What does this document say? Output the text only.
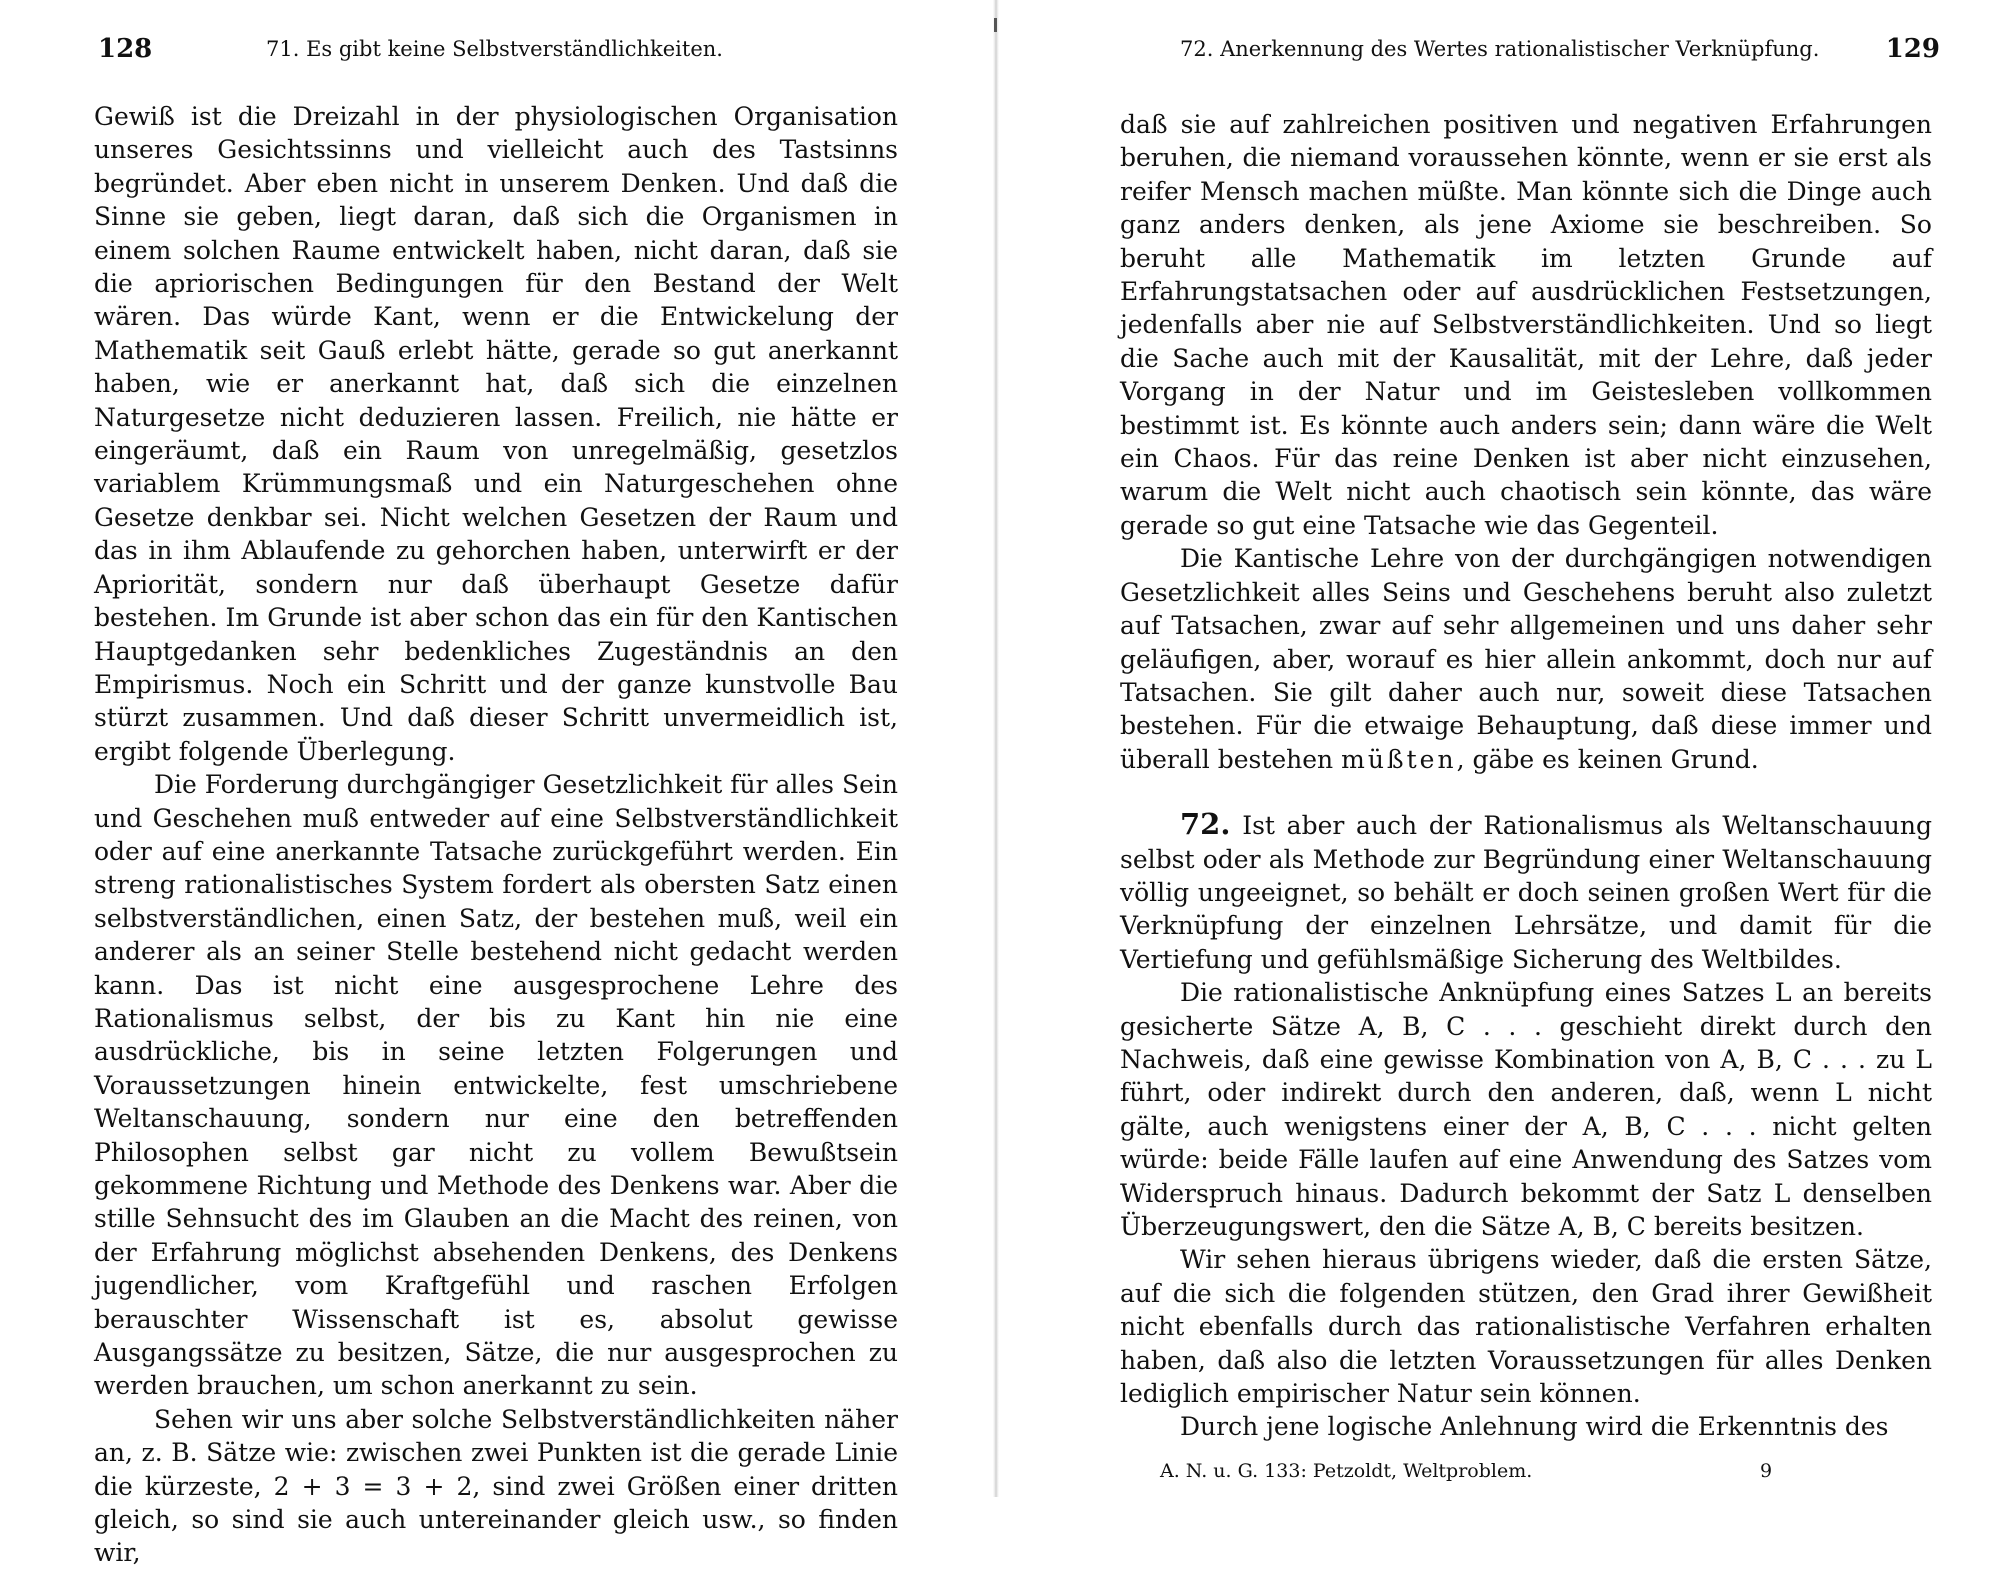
128	71. Es gibt keine Selbstverständlichkeiten.

Gewiß ist die Dreizahl in der physiologischen Organisation unseres Gesichtssinns und vielleicht auch des Tastsinns begründet. Aber eben nicht in unserem Denken. Und daß die Sinne sie geben, liegt daran, daß sich die Organismen in einem solchen Raume entwickelt haben, nicht daran, daß sie die apriorischen Bedingungen für den Bestand der Welt wären. Das würde Kant, wenn er die Entwickelung der Mathematik seit Gauß erlebt hätte, gerade so gut anerkannt haben, wie er anerkannt hat, daß sich die einzelnen Naturgesetze nicht deduzieren lassen. Freilich, nie hätte er eingeräumt, daß ein Raum von unregelmäßig, gesetzlos variablem Krümmungsmaß und ein Naturgeschehen ohne Gesetze denkbar sei. Nicht welchen Gesetzen der Raum und das in ihm Ablaufende zu gehorchen haben, unterwirft er der Apriorität, sondern nur daß überhaupt Gesetze dafür bestehen. Im Grunde ist aber schon das ein für den Kantischen Hauptgedanken sehr bedenkliches Zugeständnis an den Empirismus. Noch ein Schritt und der ganze kunstvolle Bau stürzt zusammen. Und daß dieser Schritt unvermeidlich ist, ergibt folgende Überlegung.

Die Forderung durchgängiger Gesetzlichkeit für alles Sein und Geschehen muß entweder auf eine Selbstverständlichkeit oder auf eine anerkannte Tatsache zurückgeführt werden. Ein streng rationalistisches System fordert als obersten Satz einen selbstverständlichen, einen Satz, der bestehen muß, weil ein anderer als an seiner Stelle bestehend nicht gedacht werden kann. Das ist nicht eine ausgesprochene Lehre des Rationalismus selbst, der bis zu Kant hin nie eine ausdrückliche, bis in seine letzten Folgerungen und Voraussetzungen hinein entwickelte, fest umschriebene Weltanschauung, sondern nur eine den betreffenden Philosophen selbst gar nicht zu vollem Bewußtsein gekommene Richtung und Methode des Denkens war. Aber die stille Sehnsucht des im Glauben an die Macht des reinen, von der Erfahrung möglichst absehenden Denkens, des Denkens jugendlicher, vom Kraftgefühl und raschen Erfolgen berauschter Wissenschaft ist es, absolut gewisse Ausgangssätze zu besitzen, Sätze, die nur ausgesprochen zu werden brauchen, um schon anerkannt zu sein.

Sehen wir uns aber solche Selbstverständlichkeiten näher an, z. B. Sätze wie: zwischen zwei Punkten ist die gerade Linie die kürzeste, 2 + 3 = 3 + 2, sind zwei Größen einer dritten gleich, so sind sie auch untereinander gleich usw., so finden wir,

72. Anerkennung des Wertes rationalistischer Verknüpfung.	129

daß sie auf zahlreichen positiven und negativen Erfahrungen beruhen, die niemand voraussehen könnte, wenn er sie erst als reifer Mensch machen müßte. Man könnte sich die Dinge auch ganz anders denken, als jene Axiome sie beschreiben. So beruht alle Mathematik im letzten Grunde auf Erfahrungstatsachen oder auf ausdrücklichen Festsetzungen, jedenfalls aber nie auf Selbstverständlichkeiten. Und so liegt die Sache auch mit der Kausalität, mit der Lehre, daß jeder Vorgang in der Natur und im Geistesleben vollkommen bestimmt ist. Es könnte auch anders sein; dann wäre die Welt ein Chaos. Für das reine Denken ist aber nicht einzusehen, warum die Welt nicht auch chaotisch sein könnte, das wäre gerade so gut eine Tatsache wie das Gegenteil.

Die Kantische Lehre von der durchgängigen notwendigen Gesetzlichkeit alles Seins und Geschehens beruht also zuletzt auf Tatsachen, zwar auf sehr allgemeinen und uns daher sehr geläufigen, aber, worauf es hier allein ankommt, doch nur auf Tatsachen. Sie gilt daher auch nur, soweit diese Tatsachen bestehen. Für die etwaige Behauptung, daß diese immer und überall bestehen müßten, gäbe es keinen Grund.

72. Ist aber auch der Rationalismus als Weltanschauung selbst oder als Methode zur Begründung einer Weltanschauung völlig ungeeignet, so behält er doch seinen großen Wert für die Verknüpfung der einzelnen Lehrsätze, und damit für die Vertiefung und gefühlsmäßige Sicherung des Weltbildes.

Die rationalistische Anknüpfung eines Satzes L an bereits gesicherte Sätze A, B, C . . . geschieht direkt durch den Nachweis, daß eine gewisse Kombination von A, B, C . . . zu L führt, oder indirekt durch den anderen, daß, wenn L nicht gälte, auch wenigstens einer der A, B, C . . . nicht gelten würde: beide Fälle laufen auf eine Anwendung des Satzes vom Widerspruch hinaus. Dadurch bekommt der Satz L denselben Überzeugungswert, den die Sätze A, B, C bereits besitzen.

Wir sehen hieraus übrigens wieder, daß die ersten Sätze, auf die sich die folgenden stützen, den Grad ihrer Gewißheit nicht ebenfalls durch das rationalistische Verfahren erhalten haben, daß also die letzten Voraussetzungen für alles Denken lediglich empirischer Natur sein können.

Durch jene logische Anlehnung wird die Erkenntnis des

A. N. u. G. 133: Petzoldt, Weltproblem.	9
